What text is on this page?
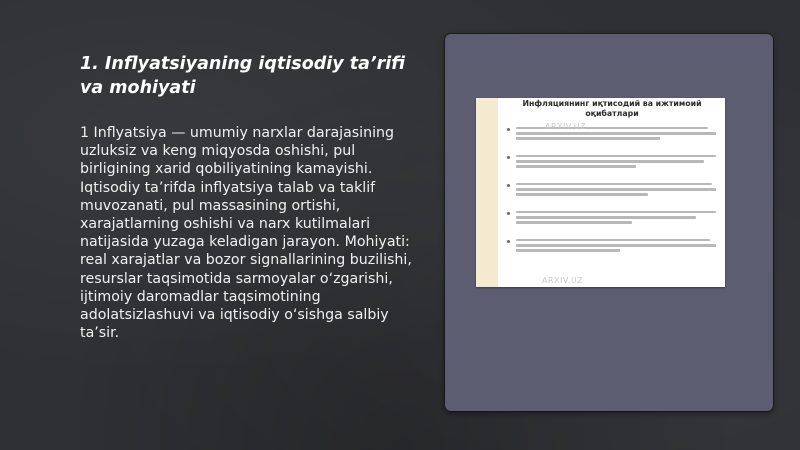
1. Inflyatsiyaning iqtisodiy ta’rifi va mohiyati

1 Inflyatsiya — umumiy narxlar darajasining uzluksiz va keng miqyosda oshishi, pul birligining xarid qobiliyatining kamayishi. Iqtisodiy ta’rifda inflyatsiya talab va taklif muvozanati, pul massasining ortishi, xarajatlarning oshishi va narx kutilmalari natijasida yuzaga keladigan jarayon. Mohiyati: real xarajatlar va bozor signallarining buzilishi, resurslar taqsimotida sarmoyalar o‘zgarishi, ijtimoiy daromadlar taqsimotining adolatsizlashuvi va iqtisodiy o‘sishga salbiy ta’sir.

Инфляциянинг иқтисодий ва ижтимоий оқибатлари
ARXIV.UZ
ARXIV.UZ
